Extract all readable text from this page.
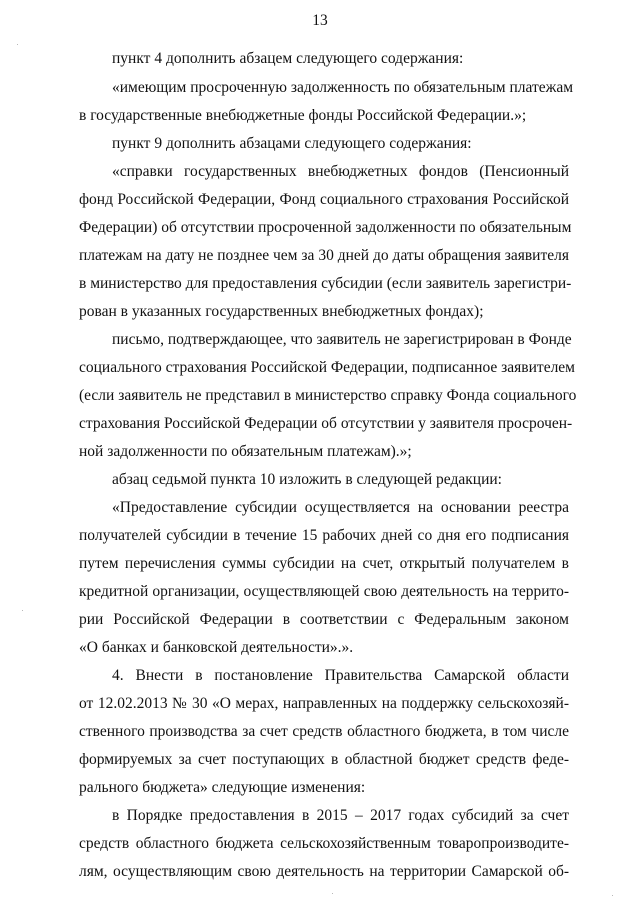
13
пункт 4 дополнить абзацем следующего содержания:
«имеющим просроченную задолженность по обязательным платежам
в государственные внебюджетные фонды Российской Федерации.»;
пункт 9 дополнить абзацами следующего содержания:
«справки государственных внебюджетных фондов (Пенсионный
фонд Российской Федерации, Фонд социального страхования Российской
Федерации) об отсутствии просроченной задолженности по обязательным
платежам на дату не позднее чем за 30 дней до даты обращения заявителя
в министерство для предоставления субсидии (если заявитель зарегистри-
рован в указанных государственных внебюджетных фондах);
письмо, подтверждающее, что заявитель не зарегистрирован в Фонде
социального страхования Российской Федерации, подписанное заявителем
(если заявитель не представил в министерство справку Фонда социального
страхования Российской Федерации об отсутствии у заявителя просрочен-
ной задолженности по обязательным платежам).»;
абзац седьмой пункта 10 изложить в следующей редакции:
«Предоставление субсидии осуществляется на основании реестра
получателей субсидии в течение 15 рабочих дней со дня его подписания
путем перечисления суммы субсидии на счет, открытый получателем в
кредитной организации, осуществляющей свою деятельность на террито-
рии Российской Федерации в соответствии с Федеральным законом
«О банках и банковской деятельности».».
4. Внести в постановление Правительства Самарской области
от 12.02.2013 № 30 «О мерах, направленных на поддержку сельскохозяй-
ственного производства за счет средств областного бюджета, в том числе
формируемых за счет поступающих в областной бюджет средств феде-
рального бюджета» следующие изменения:
в Порядке предоставления в 2015 – 2017 годах субсидий за счет
средств областного бюджета сельскохозяйственным товаропроизводите-
лям, осуществляющим свою деятельность на территории Самарской об-
